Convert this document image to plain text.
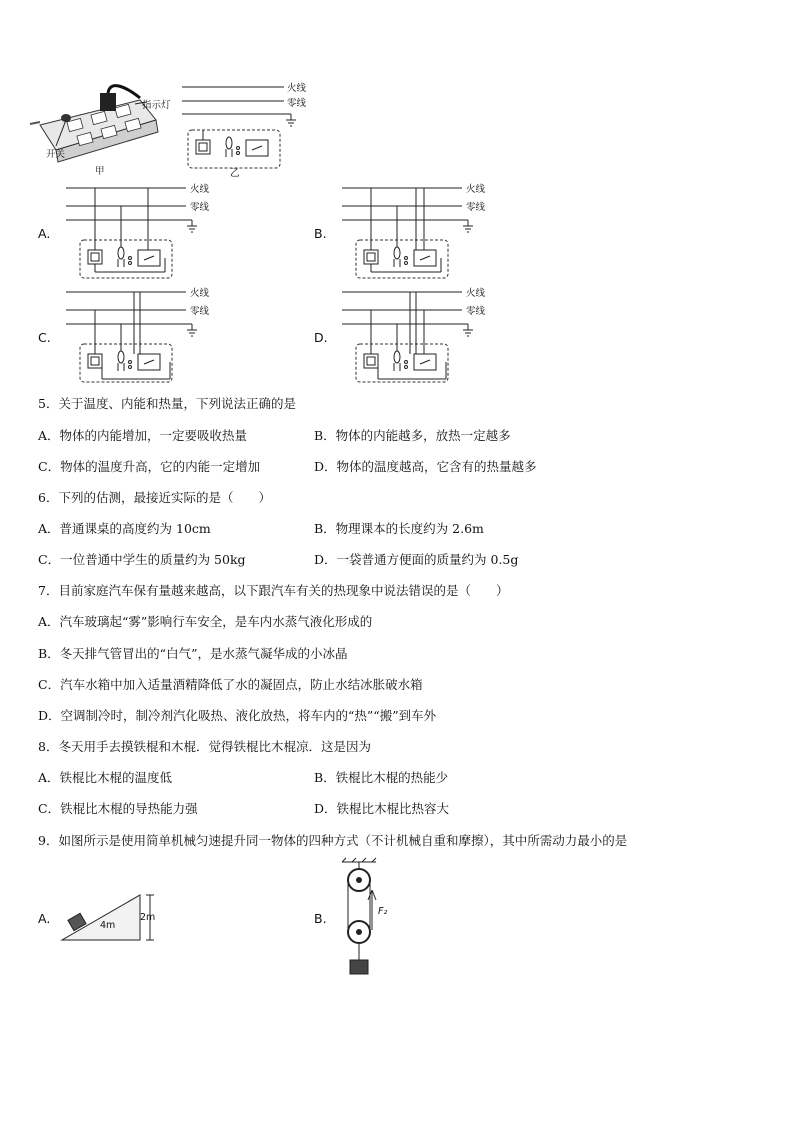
开关
指示灯
甲
火线
零线
乙
A.
火线
零线
B.
火线
零线
C.
火线
零线
D.
火线
零线
5．关于温度、内能和热量，下列说法正确的是
A．物体的内能增加，一定要吸收热量	B．物体的内能越多，放热一定越多
C．物体的温度升高，它的内能一定增加	D．物体的温度越高，它含有的热量越多
6．下列的估测，最接近实际的是（　　）
A．普通课桌的高度约为 10cm	B．物理课本的长度约为 2.6m
C．一位普通中学生的质量约为 50kg	D．一袋普通方便面的质量约为 0.5g
7．目前家庭汽车保有量越来越高，以下跟汽车有关的热现象中说法错误的是（　　）
A．汽车玻璃起“雾”影响行车安全，是车内水蒸气液化形成的
B．冬天排气管冒出的“白气”，是水蒸气凝华成的小冰晶
C．汽车水箱中加入适量酒精降低了水的凝固点，防止水结冰胀破水箱
D．空调制冷时，制冷剂汽化吸热、液化放热，将车内的“热”“搬”到车外
8．冬天用手去摸铁棍和木棍．觉得铁棍比木棍凉．这是因为
A．铁棍比木棍的温度低	B．铁棍比木棍的热能少
C．铁棍比木棍的导热能力强	D．铁棍比木棍比热容大
9．如图所示是使用简单机械匀速提升同一物体的四种方式（不计机械自重和摩擦），其中所需动力最小的是
A.	4m
2m	B.	F₂
